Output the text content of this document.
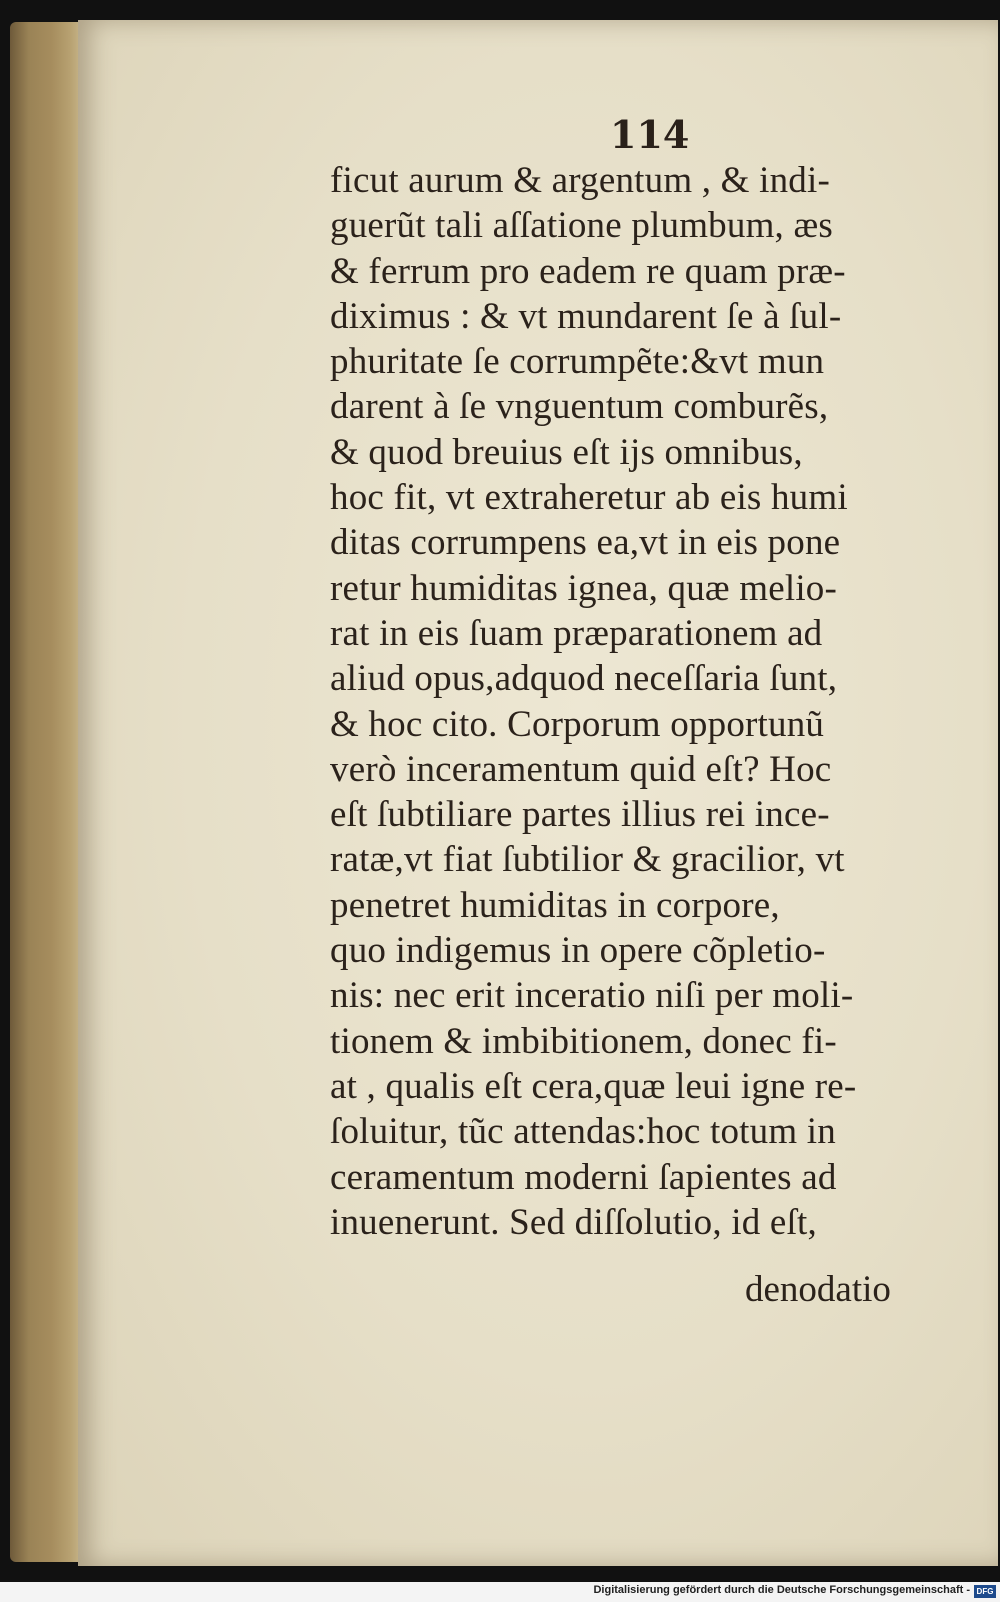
114
ficut aurum & argentum , & indi-
guerũt tali aſſatione plumbum, æs
& ferrum pro eadem re quam præ-
diximus : & vt mundarent ſe à ſul-
phuritate ſe corrumpẽte:&vt mun
darent à ſe vnguentum comburẽs,
& quod breuius eſt ijs omnibus,
hoc fit, vt extraheretur ab eis humi
ditas corrumpens ea,vt in eis pone
retur humiditas ignea, quæ melio-
rat in eis ſuam præparationem ad
aliud opus,adquod neceſſaria ſunt,
& hoc cito. Corporum opportunũ
verò inceramentum quid eſt? Hoc
eſt ſubtiliare partes illius rei ince-
ratæ,vt fiat ſubtilior & gracilior, vt
penetret humiditas in corpore,
quo indigemus in opere cõpletio-
nis: nec erit inceratio niſi per moli-
tionem & imbibitionem, donec fi-
at , qualis eſt cera,quæ leui igne re-
ſoluitur, tũc attendas:hoc totum in
ceramentum moderni ſapientes ad
inuenerunt. Sed diſſolutio, id eſt,
denodatio
Digitalisierung gefördert durch die Deutsche Forschungsgemeinschaft - DFG
